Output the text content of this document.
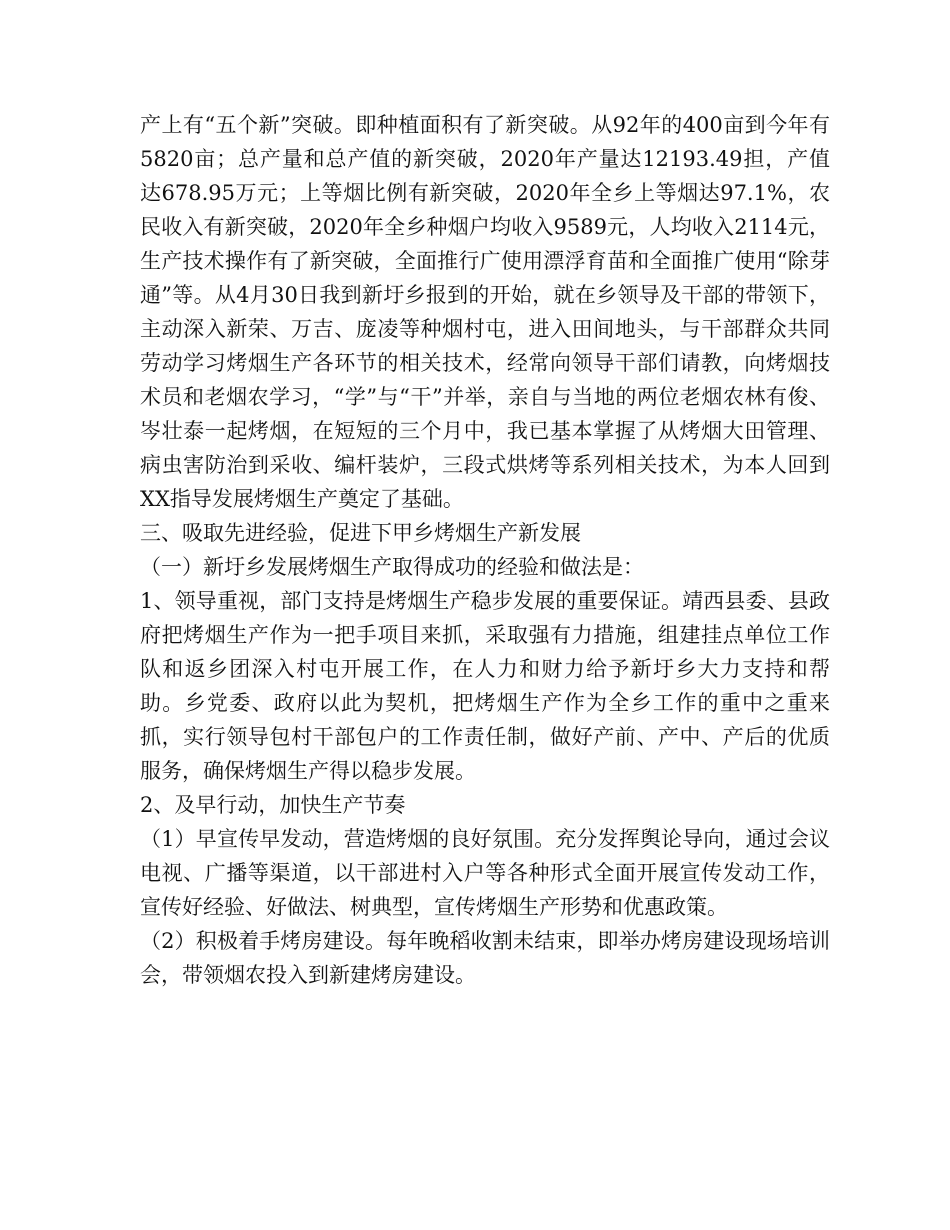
产上有“五个新”突破。即种植面积有了新突破。从92年的400亩到今年有5820亩；总产量和总产值的新突破，2020年产量达12193.49担，产值达678.95万元；上等烟比例有新突破，2020年全乡上等烟达97.1%，农民收入有新突破，2020年全乡种烟户均收入9589元，人均收入2114元，生产技术操作有了新突破，全面推行广使用漂浮育苗和全面推广使用“除芽通”等。从4月30日我到新圩乡报到的开始，就在乡领导及干部的带领下，主动深入新荣、万吉、庞凌等种烟村屯，进入田间地头，与干部群众共同劳动学习烤烟生产各环节的相关技术，经常向领导干部们请教，向烤烟技术员和老烟农学习，“学”与“干”并举，亲自与当地的两位老烟农林有俊、岑壮泰一起烤烟，在短短的三个月中，我已基本掌握了从烤烟大田管理、病虫害防治到采收、编杆装炉，三段式烘烤等系列相关技术，为本人回到XX指导发展烤烟生产奠定了基础。

三、吸取先进经验，促进下甲乡烤烟生产新发展

（一）新圩乡发展烤烟生产取得成功的经验和做法是：

1、领导重视，部门支持是烤烟生产稳步发展的重要保证。靖西县委、县政府把烤烟生产作为一把手项目来抓，采取强有力措施，组建挂点单位工作队和返乡团深入村屯开展工作，在人力和财力给予新圩乡大力支持和帮助。乡党委、政府以此为契机，把烤烟生产作为全乡工作的重中之重来抓，实行领导包村干部包户的工作责任制，做好产前、产中、产后的优质服务，确保烤烟生产得以稳步发展。

2、及早行动，加快生产节奏

（1）早宣传早发动，营造烤烟的良好氛围。充分发挥舆论导向，通过会议电视、广播等渠道，以干部进村入户等各种形式全面开展宣传发动工作，宣传好经验、好做法、树典型，宣传烤烟生产形势和优惠政策。

（2）积极着手烤房建设。每年晚稻收割未结束，即举办烤房建设现场培训会，带领烟农投入到新建烤房建设。
